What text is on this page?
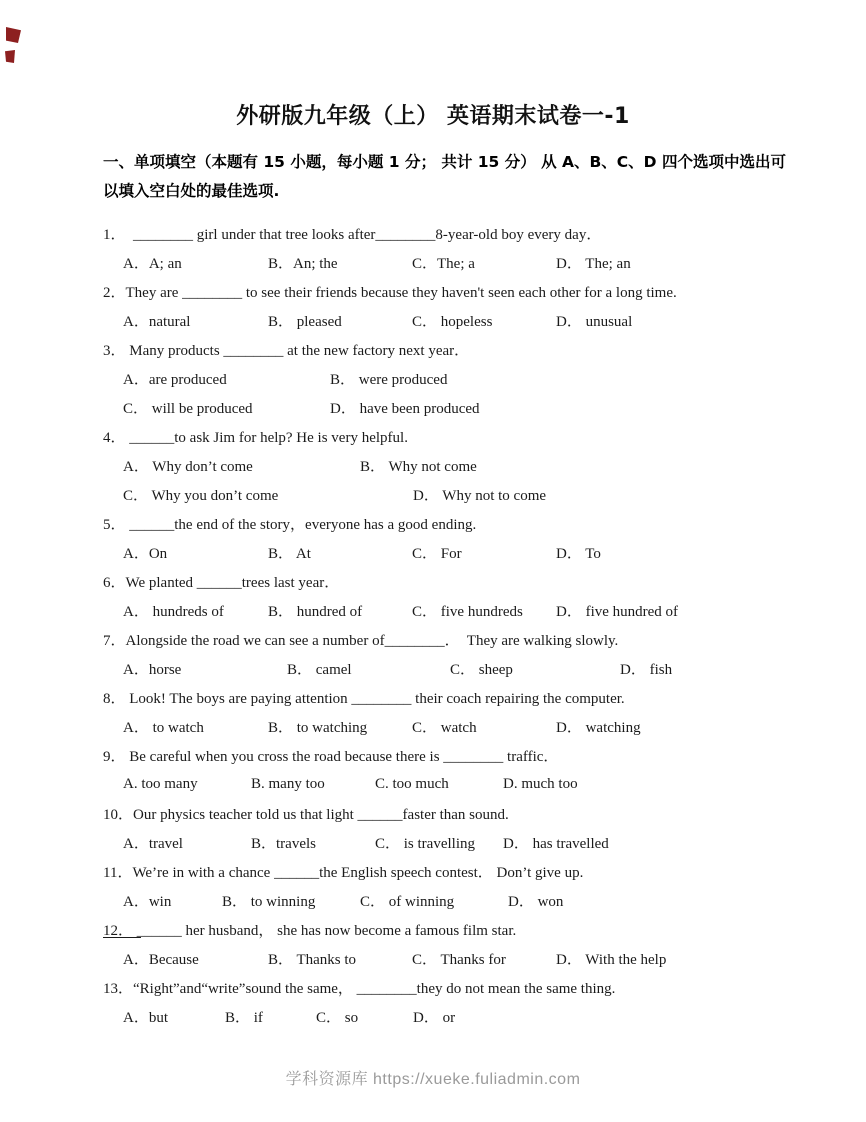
外研版九年级（上） 英语期末试卷一-1
一、单项填空（本题有 15 小题，每小题 1 分； 共计 15 分） 从 A、B、C、D 四个选项中选出可以填入空白处的最佳选项.
1．  ________ girl under that tree looks after________8-year-old boy every day．
A．A; an	B．An; the	C．The; a	D． The; an
2．They are ________ to see their friends because they haven't seen each other for a long time.
A．natural	B． pleased	C． hopeless	D． unusual
3． Many products ________ at the new factory next year．
A．are produced	B． were produced
C． will be produced	D． have been produced
4． ______to ask Jim for help? He is very helpful.
A． Why don’t come	B． Why not come
C． Why you don’t come	D． Why not to come
5． ______the end of the story，everyone has a good ending.
A．On	B． At	C． For	D． To
6．We planted ______trees last year．
A． hundreds of	B． hundred of	C． five hundreds	D． five hundred of
7．Alongside the road we can see a number of________．  They are walking slowly.
A．horse	B． camel	C． sheep	D． fish
8． Look! The boys are paying attention ________ their coach repairing the computer.
A． to watch	B． to watching	C． watch	D． watching
9． Be careful when you cross the road because there is ________ traffic．
A. too many	B. many too	C. too much	D. much too
10．Our physics teacher told us that light ______faster than sound.
A．travel	B．travels	C． is travelling	D． has travelled
11．We’re in with a chance ______the English speech contest． Don’t give up.
A．win	B． to winning	C． of winning	D． won
12． ______ her husband， she has now become a famous film star.
A．Because	B． Thanks to	C． Thanks for	D． With the help
13．“Right”and“write”sound the same， ________they do not mean the same thing.
A．but	B． if	C． so	D． or
学科资源库 https://xueke.fuliadmin.com
